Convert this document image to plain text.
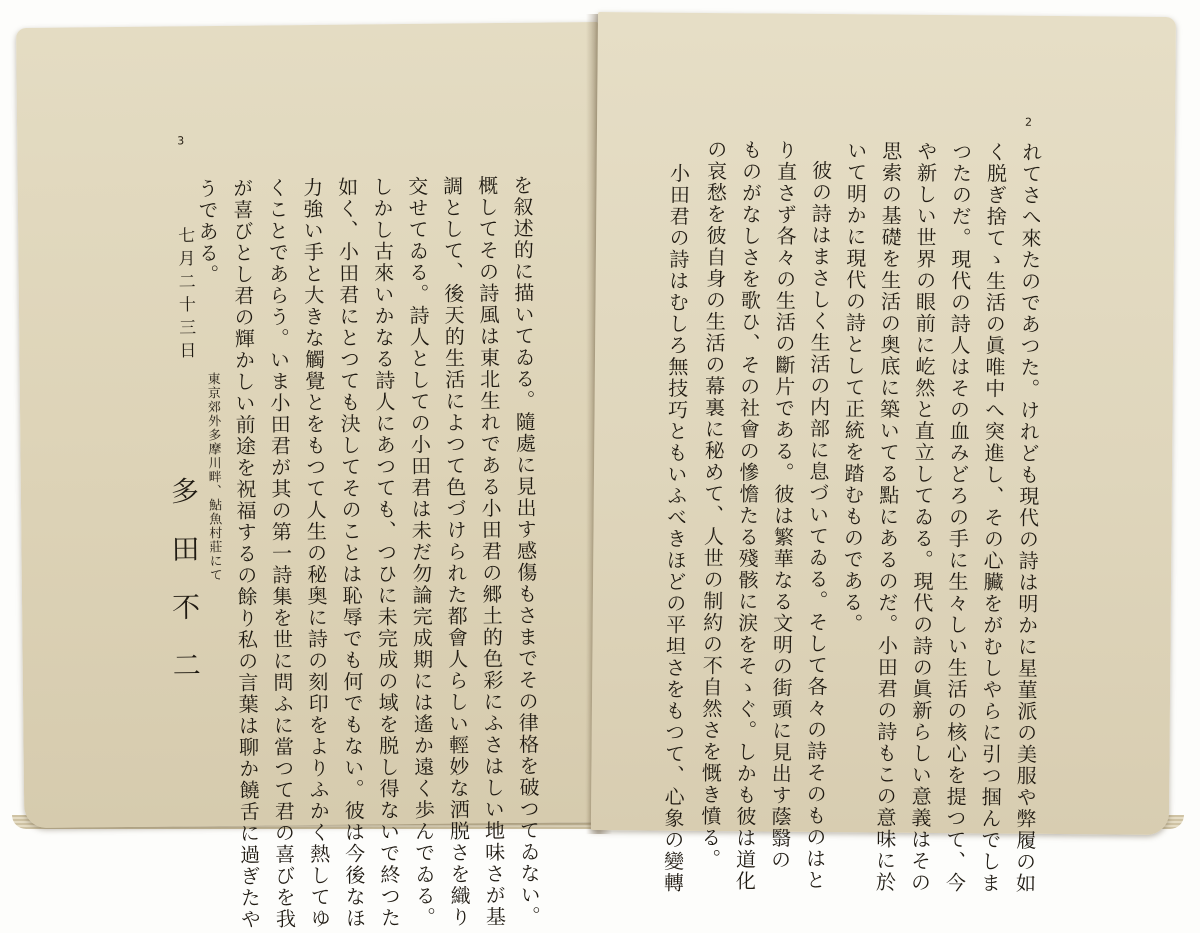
3
を叙述的に描いてゐる。隨處に見出す感傷もさまでその律格を破つてゐない。
概してその詩風は東北生れである小田君の郷土的色彩にふさはしい地味さが基
調として、後天的生活によつて色づけられた都會人らしい輕妙な洒脱さを織り
交せてゐる。詩人としての小田君は未だ勿論完成期には遙か遠く歩んでゐる。
しかし古來いかなる詩人にあつても、つひに未完成の域を脱し得ないで終つた
如く、小田君にとつても決してそのことは恥辱でも何でもない。彼は今後なほ
力強い手と大きな觸覺とをもつて人生の秘奥に詩の刻印をよりふかく熱してゆ
くことであらう。いま小田君が其の第一詩集を世に問ふに當つて君の喜びを我
が喜びとし君の輝かしい前途を祝福するの餘り私の言葉は聊か饒舌に過ぎたや
うである。
七月二十三日
東京郊外多摩川畔、鮎魚村莊にて
多田不二
2
れてさへ來たのであつた。けれども現代の詩は明かに星菫派の美服や弊履の如
く脱ぎ捨てゝ生活の眞唯中へ突進し、その心臟をがむしやらに引つ掴んでしま
つたのだ。現代の詩人はその血みどろの手に生々しい生活の核心を提つて、今
や新しい世界の眼前に屹然と直立してゐる。現代の詩の眞新らしい意義はその
思索の基礎を生活の奥底に築いてる點にあるのだ。小田君の詩もこの意味に於
いて明かに現代の詩として正統を踏むものである。
彼の詩はまさしく生活の内部に息づいてゐる。そして各々の詩そのものはと
り直さず各々の生活の斷片である。彼は繁華なる文明の街頭に見出す蔭翳の
ものがなしさを歌ひ、その社會の慘憺たる殘骸に涙をそゝぐ。しかも彼は道化
の哀愁を彼自身の生活の幕裏に秘めて、人世の制約の不自然さを慨き憤る。
小田君の詩はむしろ無技巧ともいふべきほどの平坦さをもつて、心象の變轉
